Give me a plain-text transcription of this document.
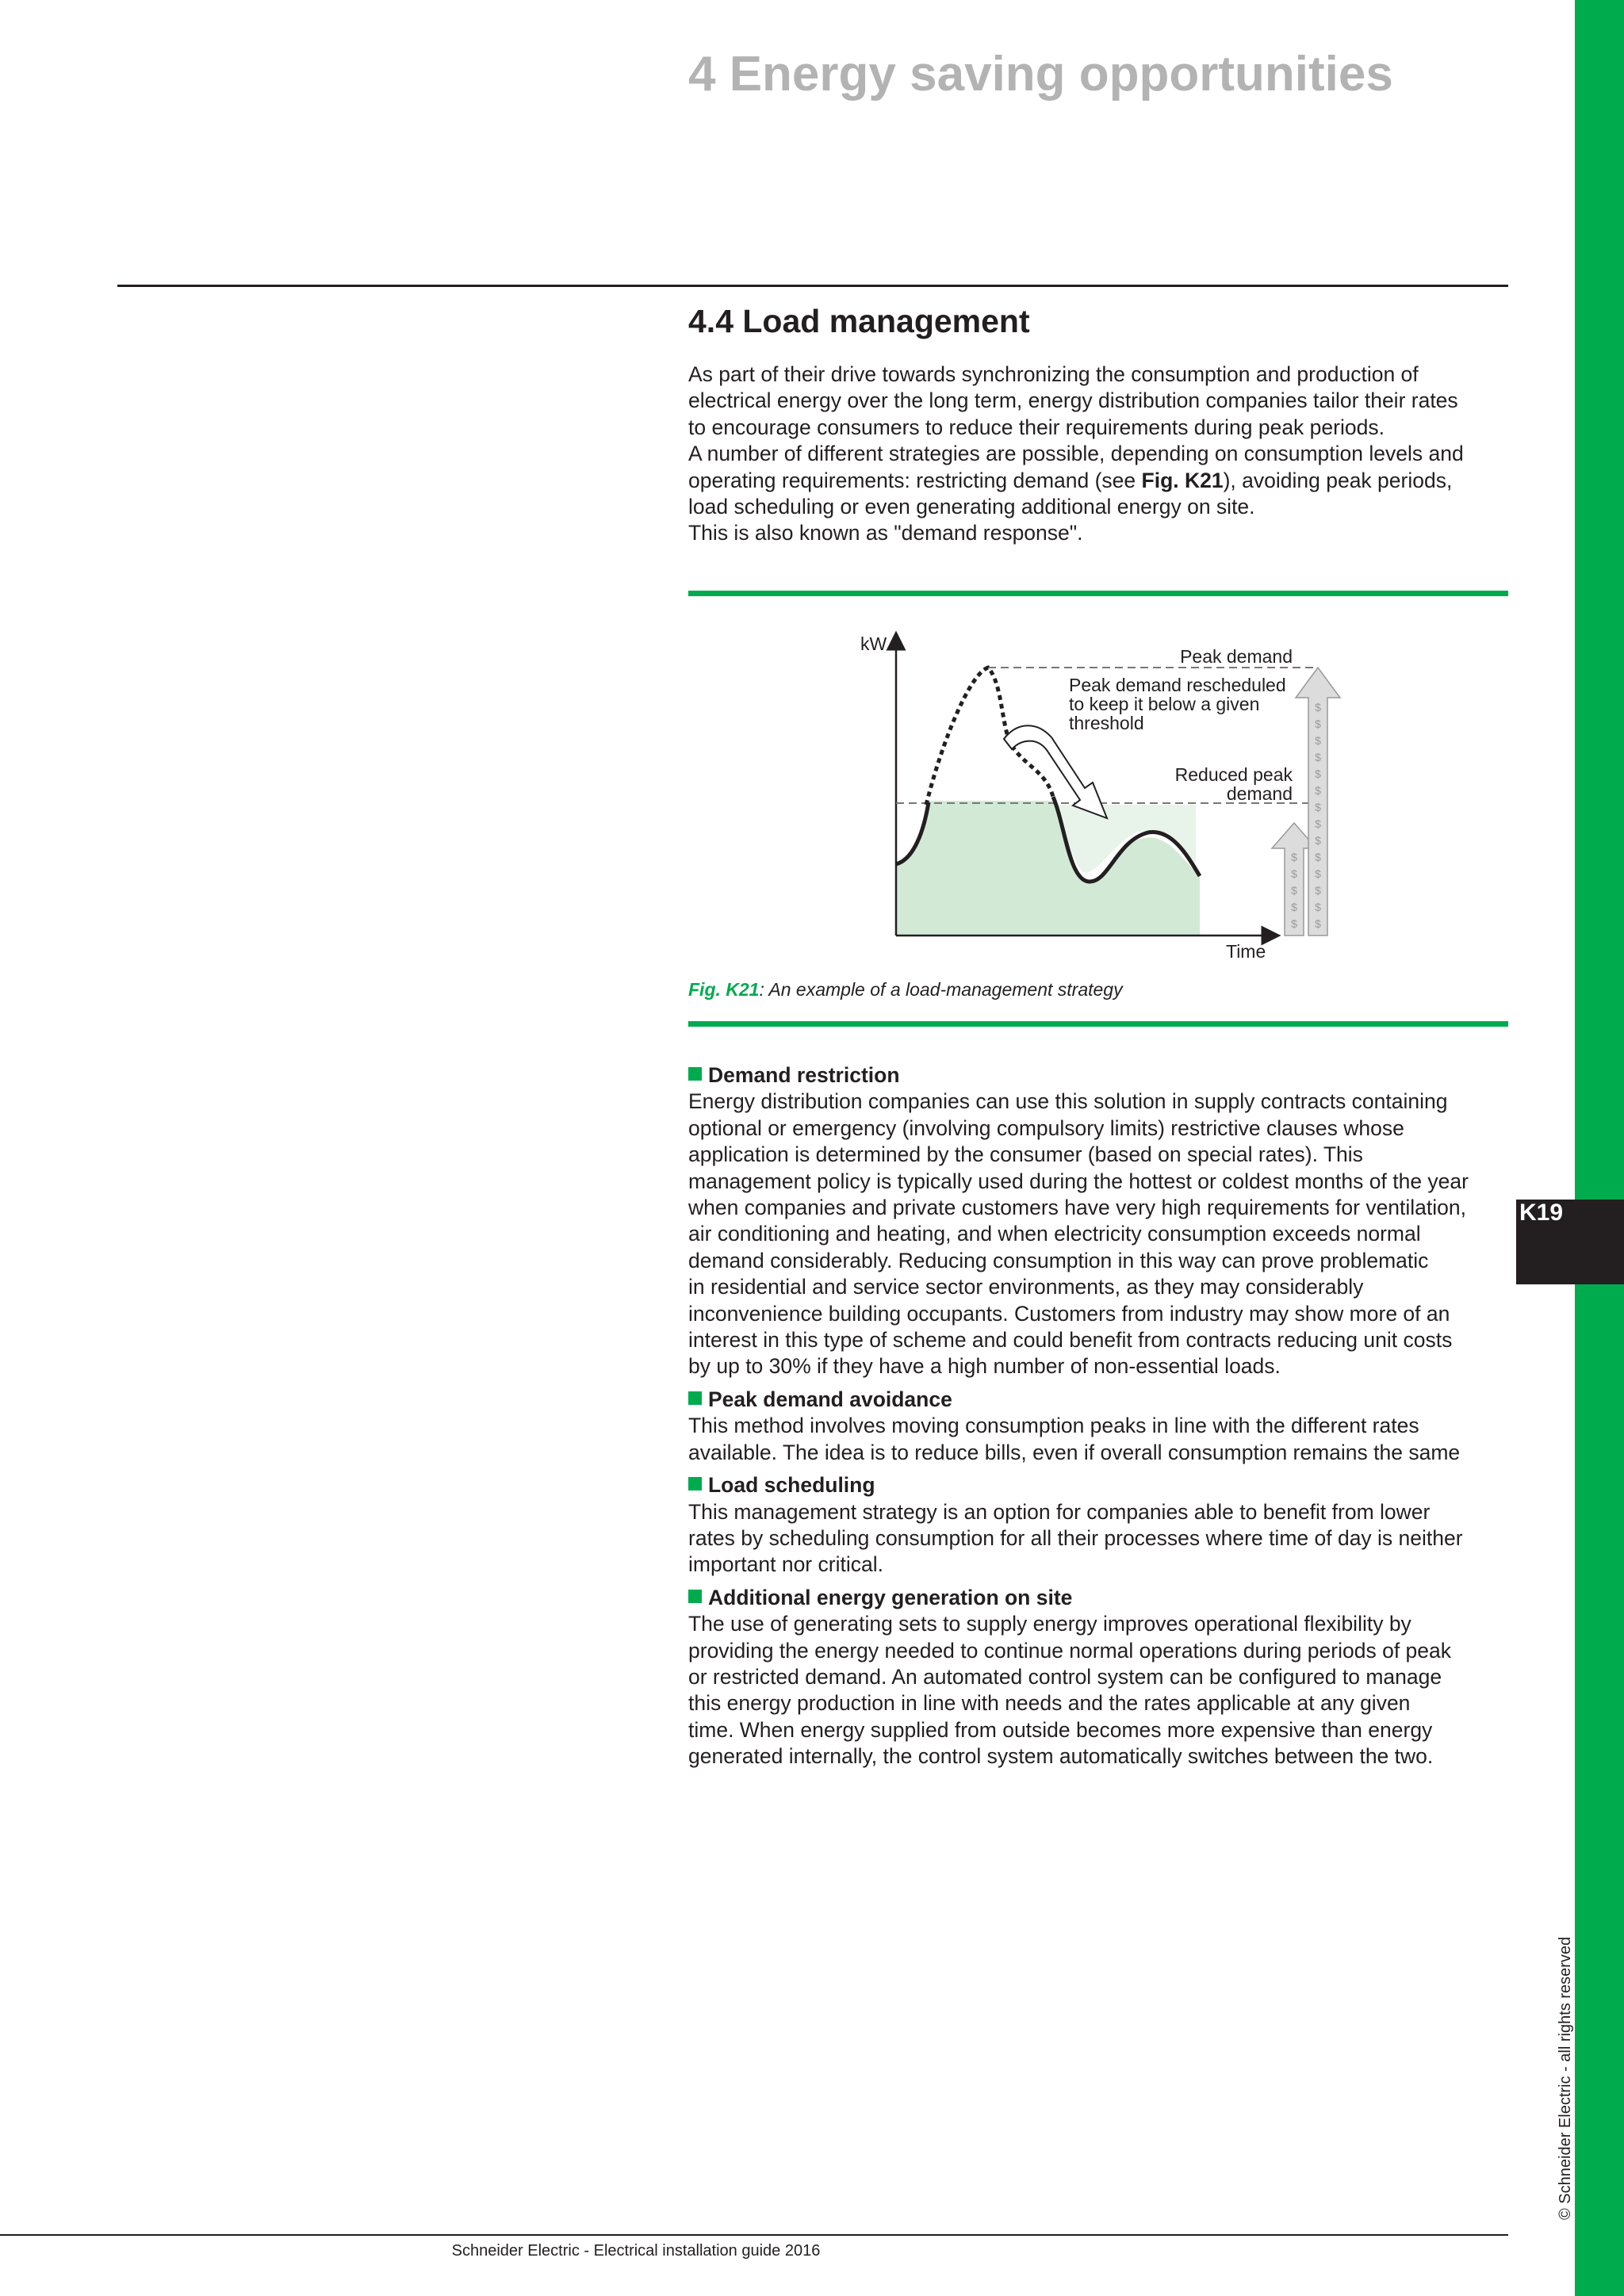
K19
4 Energy saving opportunities
4.4 Load management

As part of their drive towards synchronizing the consumption and production of

electrical energy over the long term, energy distribution companies tailor their rates

to encourage consumers to reduce their requirements during peak periods.

A number of different strategies are possible, depending on consumption levels and

operating requirements: restricting demand (see Fig. K21), avoiding peak periods,

load scheduling or even generating additional energy on site.

This is also known as "demand response".

kW
Time
Peak demand
Peak demand rescheduled
to keep it below a given
threshold
Reduced peak
demand
$
$
$
$
$
$
$
$
$
$
$
$
$
$
$
$
$
$
$
Fig. K21: An example of a load-management strategy

Demand restriction

Energy distribution companies can use this solution in supply contracts containing

optional or emergency (involving compulsory limits) restrictive clauses whose

application is determined by the consumer (based on special rates). This

management policy is typically used during the hottest or coldest months of the year

when companies and private customers have very high requirements for ventilation,

air conditioning and heating, and when electricity consumption exceeds normal

demand considerably. Reducing consumption in this way can prove problematic

in residential and service sector environments, as they may considerably

inconvenience building occupants. Customers from industry may show more of an

interest in this type of scheme and could benefit from contracts reducing unit costs

by up to 30% if they have a high number of non-essential loads.

Peak demand avoidance

This method involves moving consumption peaks in line with the different rates

available. The idea is to reduce bills, even if overall consumption remains the same

Load scheduling

This management strategy is an option for companies able to benefit from lower

rates by scheduling consumption for all their processes where time of day is neither

important nor critical.

Additional energy generation on site

The use of generating sets to supply energy improves operational flexibility by

providing the energy needed to continue normal operations during periods of peak

or restricted demand. An automated control system can be configured to manage

this energy production in line with needs and the rates applicable at any given

time. When energy supplied from outside becomes more expensive than energy

generated internally, the control system automatically switches between the two.

© Schneider Electric - all rights reserved
Schneider Electric - Electrical installation guide 2016
